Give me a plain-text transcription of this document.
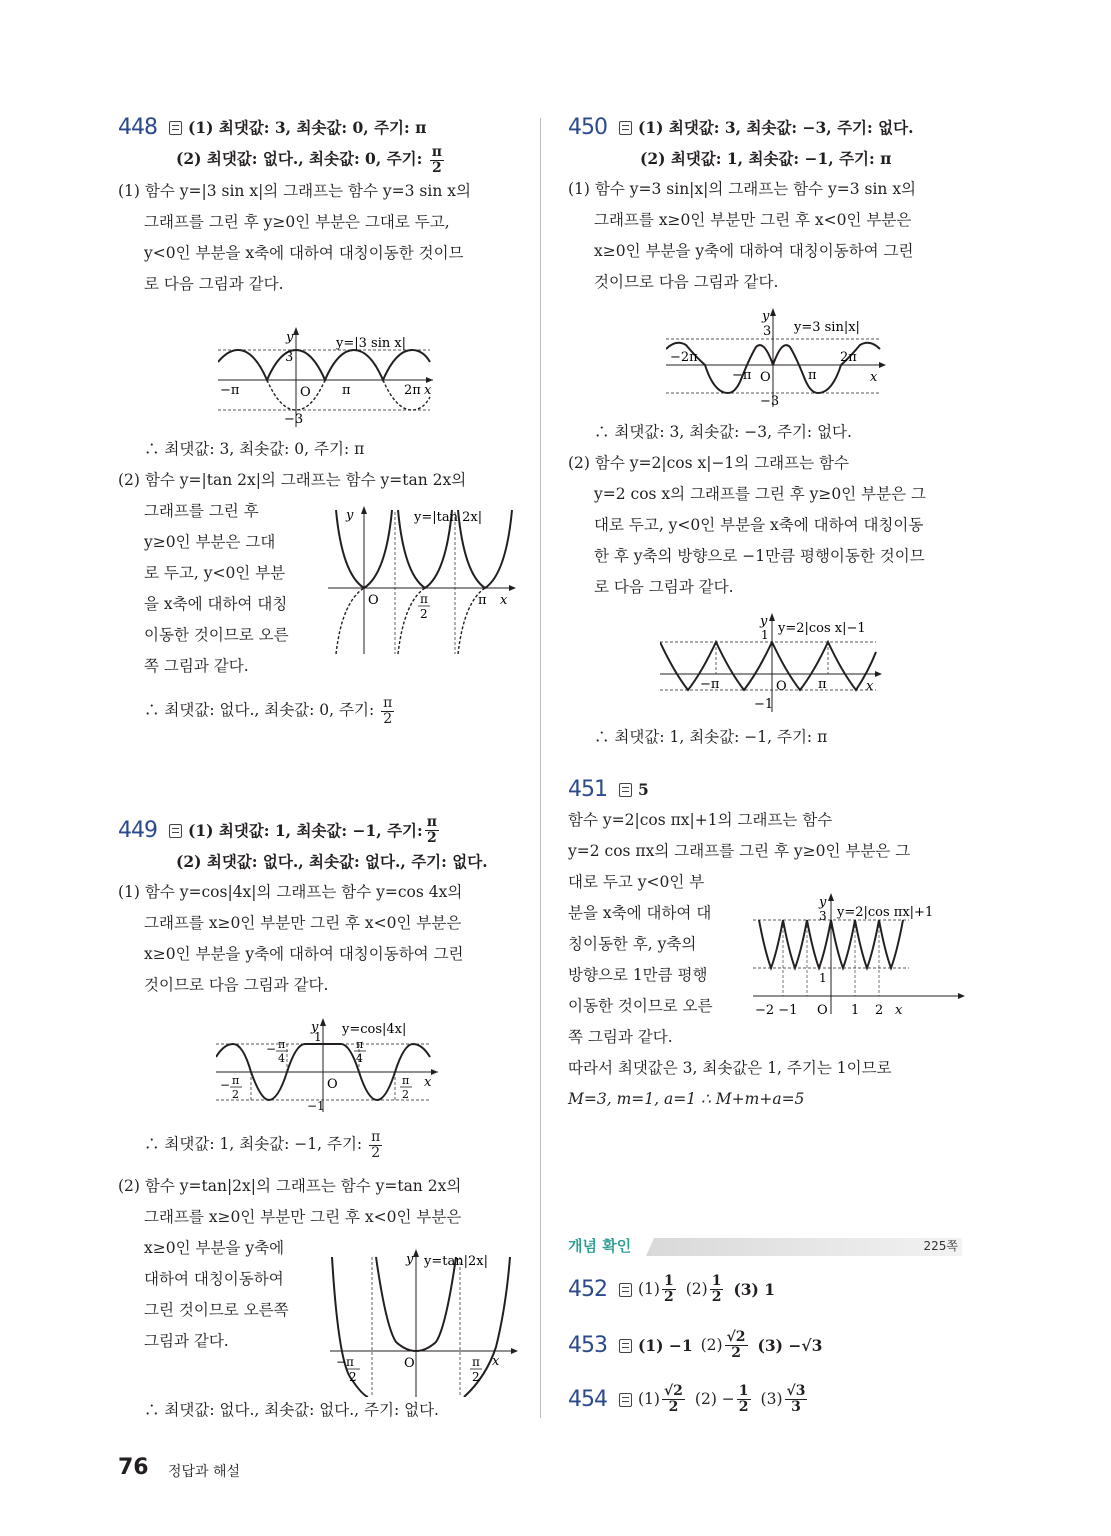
448 (1) 최댓값: 3, 최솟값: 0, 주기: π
(2) 최댓값: 없다., 최솟값: 0, 주기: $\frac{\pi}{2}$
(1) 함수 y=|3 sin x|의 그래프는 함수 y=3 sin x의
그래프를 그린 후 y≥0인 부분은 그대로 두고,
y<0인 부분을 x축에 대하여 대칭이동한 것이므
로 다음 그림과 같다.
y
3
−3
−π	O π	2π x
y=|3 sin x|
∴ 최댓값: 3, 최솟값: 0, 주기: π
(2) 함수 y=|tan 2x|의 그래프는 함수 y=tan 2x의
그래프를 그린 후
y≥0인 부분은 그대
로 두고, y<0인 부분
을 x축에 대하여 대칭
이동한 것이므로 오른
쪽 그림과 같다.
y	y=|tan 2x|
O	π
2
π x
∴ 최댓값: 없다., 최솟값: 0, 주기: $\frac{\pi}{2}$
449 (1) 최댓값: 1, 최솟값: −1, 주기: $\frac{\pi}{2}$
(2) 최댓값: 없다., 최솟값: 없다., 주기: 없다.
(1) 함수 y=cos|4x|의 그래프는 함수 y=cos 4x의
그래프를 x≥0인 부분만 그린 후 x<0인 부분은
x≥0인 부분을 y축에 대하여 대칭이동하여 그린
것이므로 다음 그림과 같다.
y
1
−1
y=cos|4x|
− π
4
π
4
− π
2
O	π
2
x
∴ 최댓값: 1, 최솟값: −1, 주기: $\frac{\pi}{2}$
(2) 함수 y=tan|2x|의 그래프는 함수 y=tan 2x의
그래프를 x≥0인 부분만 그린 후 x<0인 부분은
x≥0인 부분을 y축에
대하여 대칭이동하여
그린 것이므로 오른쪽
그림과 같다.
y y=tan|2x|
O
−π
2
π
2
x
∴ 최댓값: 없다., 최솟값: 없다., 주기: 없다.
450 (1) 최댓값: 3, 최솟값: −3, 주기: 없다.
(2) 최댓값: 1, 최솟값: −1, 주기: π
(1) 함수 y=3 sin|x|의 그래프는 함수 y=3 sin x의
그래프를 x≥0인 부분만 그린 후 x<0인 부분은
x≥0인 부분을 y축에 대하여 대칭이동하여 그린
것이므로 다음 그림과 같다.
y
3
−3
y=3 sin|x|
−2π
−π O	π
2π
x
∴ 최댓값: 3, 최솟값: −3, 주기: 없다.
(2) 함수 y=2|cos x|−1의 그래프는 함수
y=2 cos x의 그래프를 그린 후 y≥0인 부분은 그
대로 두고, y<0인 부분을 x축에 대하여 대칭이동
한 후 y축의 방향으로 −1만큼 평행이동한 것이므
로 다음 그림과 같다.
y
1
−1
y=2|cos x|−1
−π	O π	x
∴ 최댓값: 1, 최솟값: −1, 주기: π
451 5
함수 y=2|cos πx|+1의 그래프는 함수
y=2 cos πx의 그래프를 그린 후 y≥0인 부분은 그
대로 두고 y<0인 부
분을 x축에 대하여 대
칭이동한 후, y축의
방향으로 1만큼 평행
이동한 것이므로 오른
쪽 그림과 같다.
따라서 최댓값은 3, 최솟값은 1, 주기는 1이므로
M=3, m=1, a=1 ∴ M+m+a=5
y
3
1
y=2|cos πx|+1
−2 −1 O 1 2 x
개념 확인	225쪽
452 $(1) \frac{1}{2} (2) \frac{1}{2} (3)$ 1
453 (1) −1 $(2) \frac{√2}{2} (3) -√3$
454 $(1) \frac{√2}{2} (2) - \frac{1}{2} (3) \frac{√3}{3}$
76 정답과 해설
